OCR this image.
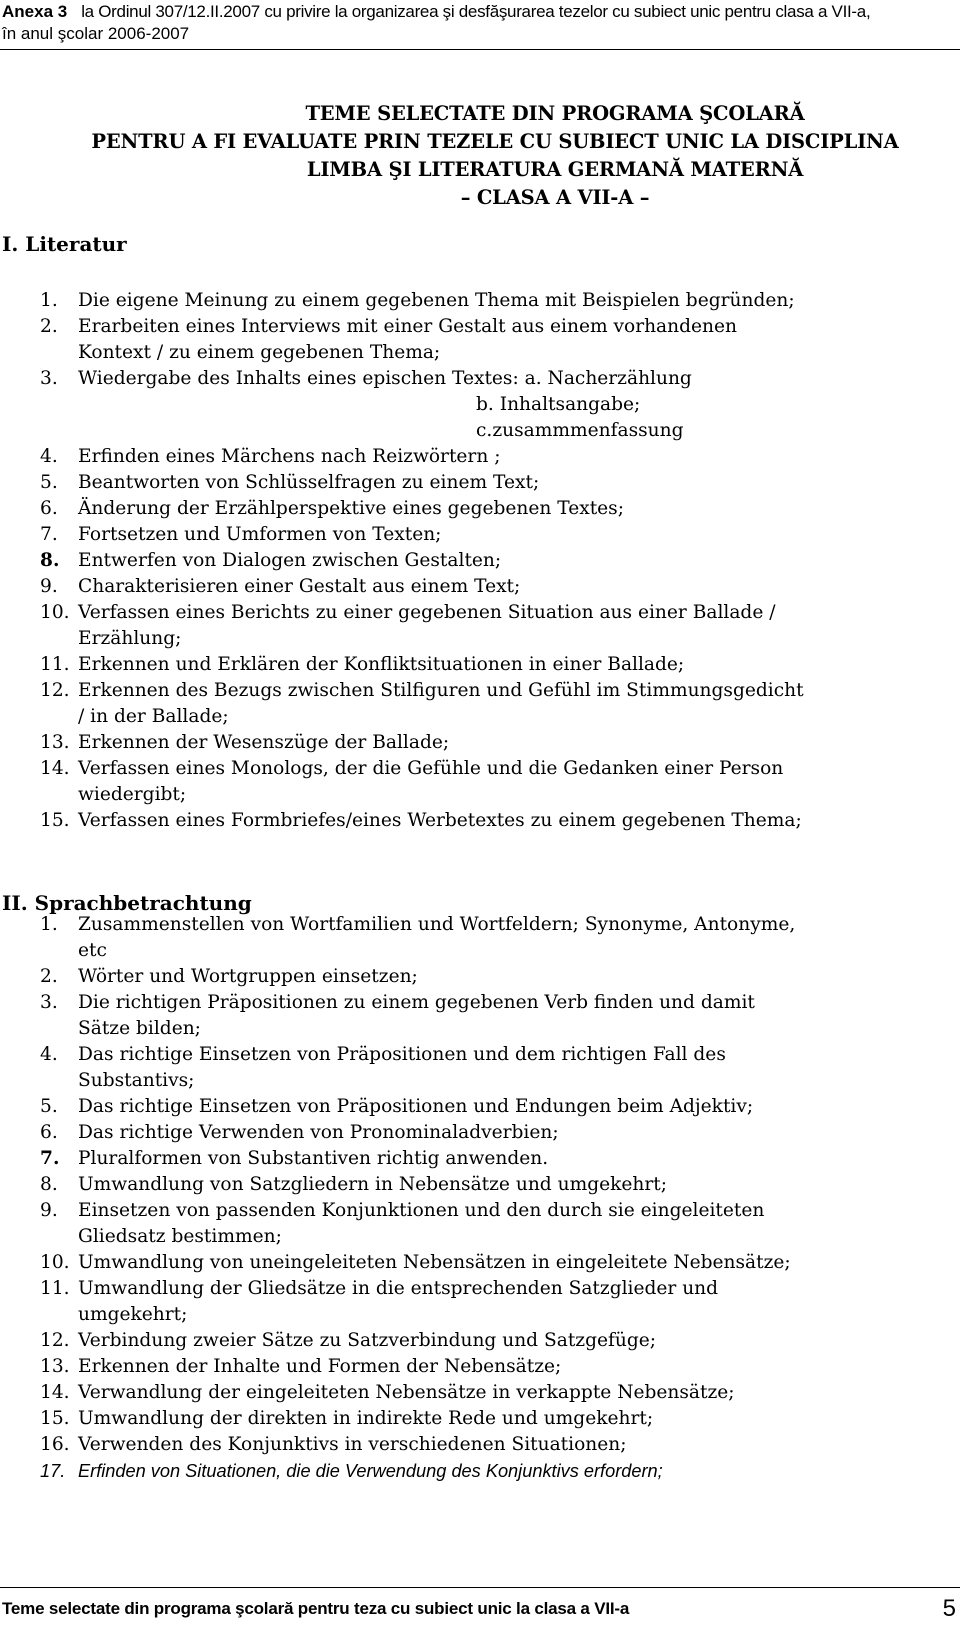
Anexa 3 la Ordinul 307/12.II.2007 cu privire la organizarea şi desfăşurarea tezelor cu subiect unic pentru clasa a VII-a,
în anul şcolar 2006-2007
TEME SELECTATE DIN PROGRAMA ŞCOLARĂ
PENTRU A FI EVALUATE PRIN TEZELE CU SUBIECT UNIC LA DISCIPLINA
LIMBA ŞI LITERATURA GERMANĂ MATERNĂ
– CLASA A VII-A –
I. Literatur
1.	Die eigene Meinung zu einem gegebenen Thema mit Beispielen begründen;
2.	Erarbeiten eines Interviews mit einer Gestalt aus einem vorhandenen
Kontext / zu einem gegebenen Thema;
3.	Wiedergabe des Inhalts eines epischen Textes: a. Nacherzählung
b. Inhaltsangabe;
c.zusammmenfassung
4.	Erfinden eines Märchens nach Reizwörtern ;
5.	Beantworten von Schlüsselfragen zu einem Text;
6.	Änderung der Erzählperspektive eines gegebenen Textes;
7.	Fortsetzen und Umformen von Texten;
8. Entwerfen von Dialogen zwischen Gestalten;
9.	Charakterisieren einer Gestalt aus einem Text;
10. Verfassen eines Berichts zu einer gegebenen Situation aus einer Ballade /
Erzählung;
11. Erkennen und Erklären der Konfliktsituationen in einer Ballade;
12. Erkennen des Bezugs zwischen Stilfiguren und Gefühl im Stimmungsgedicht
/ in der Ballade;
13. Erkennen der Wesenszüge der Ballade;
14. Verfassen eines Monologs, der die Gefühle und die Gedanken einer Person
wiedergibt;
15. Verfassen eines Formbriefes/eines Werbetextes zu einem gegebenen Thema;
II. Sprachbetrachtung
1.	Zusammenstellen von Wortfamilien und Wortfeldern; Synonyme, Antonyme,
etc
2.	Wörter und Wortgruppen einsetzen;
3.	Die richtigen Präpositionen zu einem gegebenen Verb finden und damit
Sätze bilden;
4.	Das richtige Einsetzen von Präpositionen und dem richtigen Fall des
Substantivs;
5.	Das richtige Einsetzen von Präpositionen und Endungen beim Adjektiv;
6.	Das richtige Verwenden von Pronominaladverbien;
7. Pluralformen von Substantiven richtig anwenden.
8.	Umwandlung von Satzgliedern in Nebensätze und umgekehrt;
9.	Einsetzen von passenden Konjunktionen und den durch sie eingeleiteten
Gliedsatz bestimmen;
10. Umwandlung von uneingeleiteten Nebensätzen in eingeleitete Nebensätze;
11. Umwandlung der Gliedsätze in die entsprechenden Satzglieder und
umgekehrt;
12. Verbindung zweier Sätze zu Satzverbindung und Satzgefüge;
13. Erkennen der Inhalte und Formen der Nebensätze;
14. Verwandlung der eingeleiteten Nebensätze in verkappte Nebensätze;
15. Umwandlung der direkten in indirekte Rede und umgekehrt;
16. Verwenden des Konjunktivs in verschiedenen Situationen;
17. Erfinden von Situationen, die die Verwendung des Konjunktivs erfordern;
Teme selectate din programa şcolară pentru teza cu subiect unic la clasa a VII-a	5
